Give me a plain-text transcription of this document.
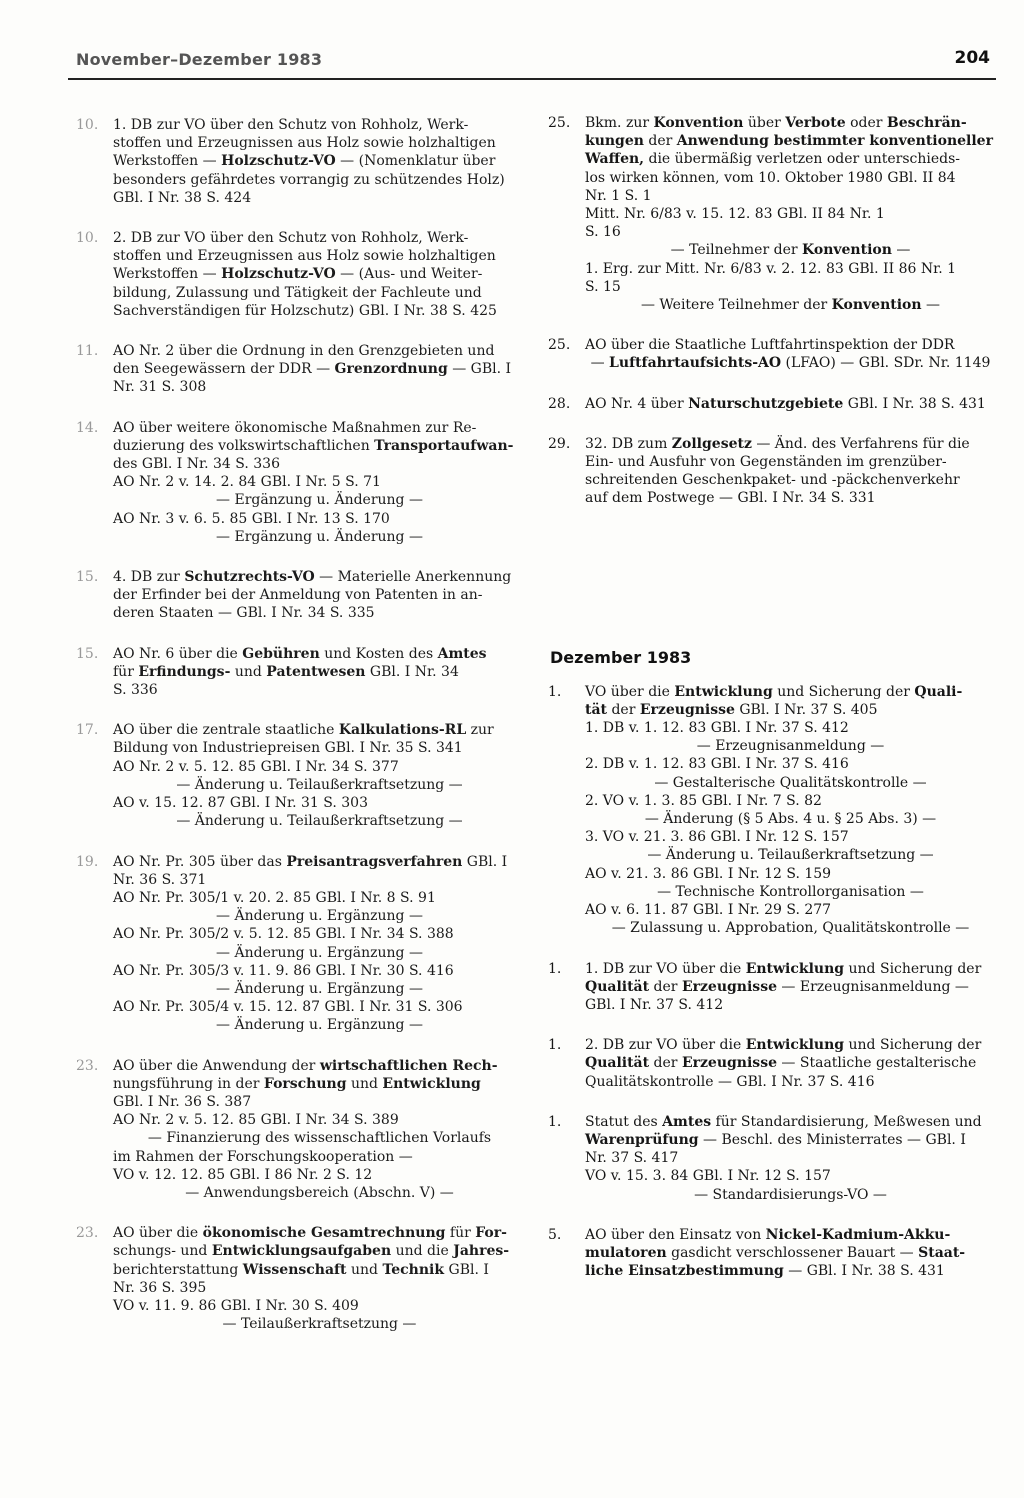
November–Dezember 1983	204
10. 1. DB zur VO über den Schutz von Rohholz, Werk-
stoffen und Erzeugnissen aus Holz sowie holzhaltigen
Werkstoffen — Holzschutz-VO — (Nomenklatur über
besonders gefährdetes vorrangig zu schützendes Holz)
GBl. I Nr. 38 S. 424
10. 2. DB zur VO über den Schutz von Rohholz, Werk-
stoffen und Erzeugnissen aus Holz sowie holzhaltigen
Werkstoffen — Holzschutz-VO — (Aus- und Weiter-
bildung, Zulassung und Tätigkeit der Fachleute und
Sachverständigen für Holzschutz) GBl. I Nr. 38 S. 425
11. AO Nr. 2 über die Ordnung in den Grenzgebieten und
den Seegewässern der DDR — Grenzordnung — GBl. I
Nr. 31 S. 308
14. AO über weitere ökonomische Maßnahmen zur Re-
duzierung des volkswirtschaftlichen Transportaufwan-
des GBl. I Nr. 34 S. 336
AO Nr. 2 v. 14. 2. 84 GBl. I Nr. 5 S. 71
— Ergänzung u. Änderung —
AO Nr. 3 v. 6. 5. 85 GBl. I Nr. 13 S. 170
— Ergänzung u. Änderung —
15. 4. DB zur Schutzrechts-VO — Materielle Anerkennung
der Erfinder bei der Anmeldung von Patenten in an-
deren Staaten — GBl. I Nr. 34 S. 335
15. AO Nr. 6 über die Gebühren und Kosten des Amtes
für Erfindungs- und Patentwesen GBl. I Nr. 34
S. 336
17. AO über die zentrale staatliche Kalkulations-RL zur
Bildung von Industriepreisen GBl. I Nr. 35 S. 341
AO Nr. 2 v. 5. 12. 85 GBl. I Nr. 34 S. 377
— Änderung u. Teilaußerkraftsetzung —
AO v. 15. 12. 87 GBl. I Nr. 31 S. 303
— Änderung u. Teilaußerkraftsetzung —
19. AO Nr. Pr. 305 über das Preisantragsverfahren GBl. I
Nr. 36 S. 371
AO Nr. Pr. 305/1 v. 20. 2. 85 GBl. I Nr. 8 S. 91
— Änderung u. Ergänzung —
AO Nr. Pr. 305/2 v. 5. 12. 85 GBl. I Nr. 34 S. 388
— Änderung u. Ergänzung —
AO Nr. Pr. 305/3 v. 11. 9. 86 GBl. I Nr. 30 S. 416
— Änderung u. Ergänzung —
AO Nr. Pr. 305/4 v. 15. 12. 87 GBl. I Nr. 31 S. 306
— Änderung u. Ergänzung —
23. AO über die Anwendung der wirtschaftlichen Rech-
nungsführung in der Forschung und Entwicklung
GBl. I Nr. 36 S. 387
AO Nr. 2 v. 5. 12. 85 GBl. I Nr. 34 S. 389
— Finanzierung des wissenschaftlichen Vorlaufs
im Rahmen der Forschungskooperation —
VO v. 12. 12. 85 GBl. I 86 Nr. 2 S. 12
— Anwendungsbereich (Abschn. V) —
23. AO über die ökonomische Gesamtrechnung für For-
schungs- und Entwicklungsaufgaben und die Jahres-
berichterstattung Wissenschaft und Technik GBl. I
Nr. 36 S. 395
VO v. 11. 9. 86 GBl. I Nr. 30 S. 409
— Teilaußerkraftsetzung —
25. Bkm. zur Konvention über Verbote oder Beschrän-
kungen der Anwendung bestimmter konventioneller
Waffen, die übermäßig verletzen oder unterschieds-
los wirken können, vom 10. Oktober 1980 GBl. II 84
Nr. 1 S. 1
Mitt. Nr. 6/83 v. 15. 12. 83 GBl. II 84 Nr. 1
S. 16
— Teilnehmer der Konvention —
1. Erg. zur Mitt. Nr. 6/83 v. 2. 12. 83 GBl. II 86 Nr. 1
S. 15
— Weitere Teilnehmer der Konvention —
25. AO über die Staatliche Luftfahrtinspektion der DDR
— Luftfahrtaufsichts-AO (LFAO) — GBl. SDr. Nr. 1149
28. AO Nr. 4 über Naturschutzgebiete GBl. I Nr. 38 S. 431
29. 32. DB zum Zollgesetz — Änd. des Verfahrens für die
Ein- und Ausfuhr von Gegenständen im grenzüber-
schreitenden Geschenkpaket- und -päckchenverkehr
auf dem Postwege — GBl. I Nr. 34 S. 331
Dezember 1983
1. VO über die Entwicklung und Sicherung der Quali-
tät der Erzeugnisse GBl. I Nr. 37 S. 405
1. DB v. 1. 12. 83 GBl. I Nr. 37 S. 412
— Erzeugnisanmeldung —
2. DB v. 1. 12. 83 GBl. I Nr. 37 S. 416
— Gestalterische Qualitätskontrolle —
2. VO v. 1. 3. 85 GBl. I Nr. 7 S. 82
— Änderung (§ 5 Abs. 4 u. § 25 Abs. 3) —
3. VO v. 21. 3. 86 GBl. I Nr. 12 S. 157
— Änderung u. Teilaußerkraftsetzung —
AO v. 21. 3. 86 GBl. I Nr. 12 S. 159
— Technische Kontrollorganisation —
AO v. 6. 11. 87 GBl. I Nr. 29 S. 277
— Zulassung u. Approbation, Qualitätskontrolle —
1. 1. DB zur VO über die Entwicklung und Sicherung der
Qualität der Erzeugnisse — Erzeugnisanmeldung —
GBl. I Nr. 37 S. 412
1. 2. DB zur VO über die Entwicklung und Sicherung der
Qualität der Erzeugnisse — Staatliche gestalterische
Qualitätskontrolle — GBl. I Nr. 37 S. 416
1. Statut des Amtes für Standardisierung, Meßwesen und
Warenprüfung — Beschl. des Ministerrates — GBl. I
Nr. 37 S. 417
VO v. 15. 3. 84 GBl. I Nr. 12 S. 157
— Standardisierungs-VO —
5. AO über den Einsatz von Nickel-Kadmium-Akku-
mulatoren gasdicht verschlossener Bauart — Staat-
liche Einsatzbestimmung — GBl. I Nr. 38 S. 431
